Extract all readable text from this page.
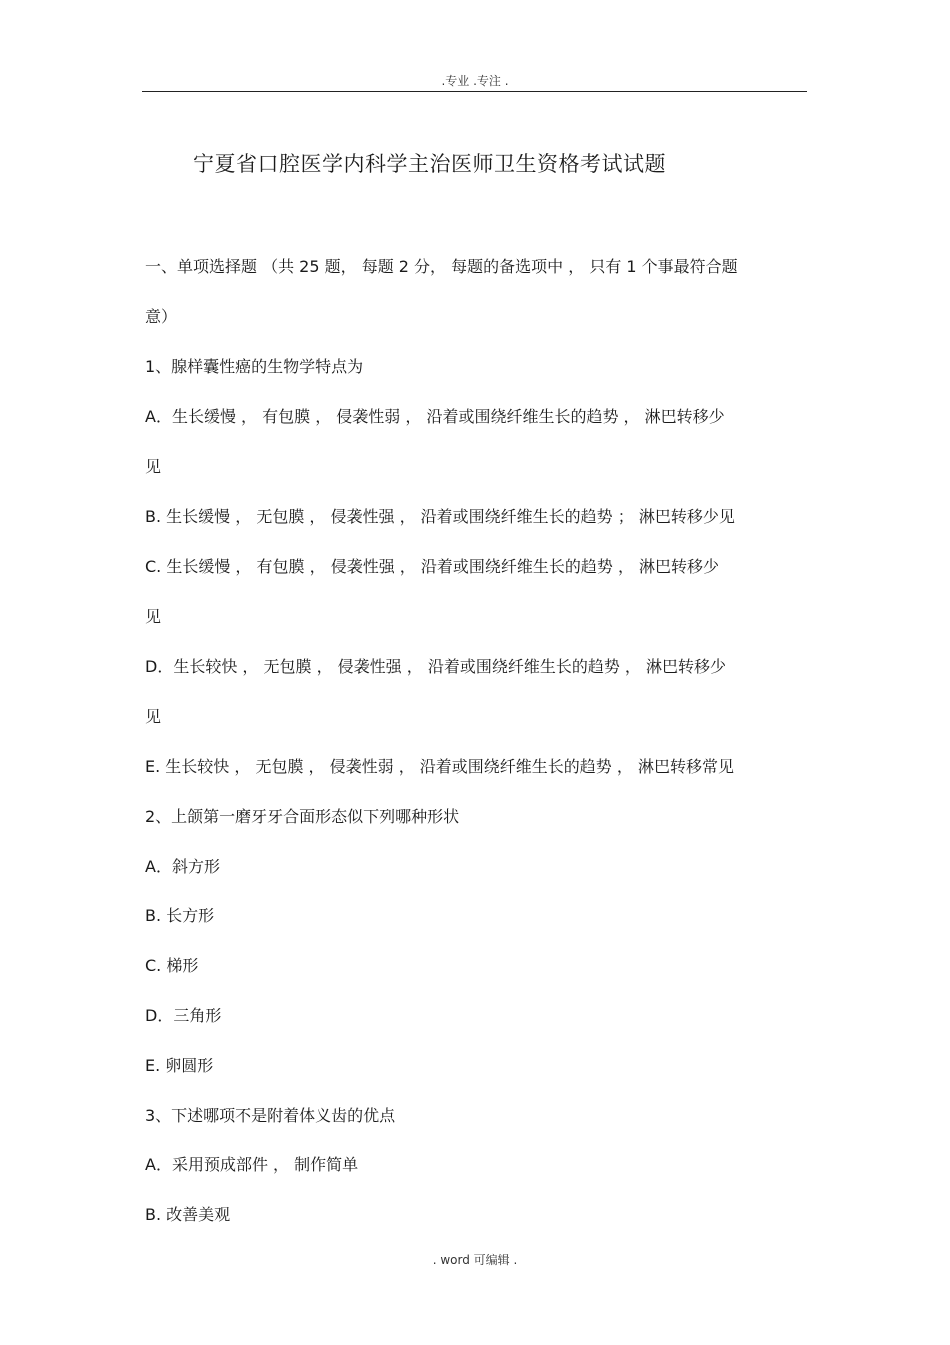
.专业 .专注 .
宁夏省口腔医学内科学主治医师卫生资格考试试题
一、单项选择题 （共 25 题， 每题 2 分， 每题的备选项中 ， 只有 1 个事最符合题
意）
1、腺样囊性癌的生物学特点为
A．生长缓慢 ， 有包膜 ， 侵袭性弱 ， 沿着或围绕纤维生长的趋势 ， 淋巴转移少
见
B. 生长缓慢 ， 无包膜 ， 侵袭性强 ， 沿着或围绕纤维生长的趋势 ； 淋巴转移少见
C. 生长缓慢 ， 有包膜 ， 侵袭性强 ， 沿着或围绕纤维生长的趋势 ， 淋巴转移少
见
D．生长较快 ， 无包膜 ， 侵袭性强 ， 沿着或围绕纤维生长的趋势 ， 淋巴转移少
见
E. 生长较快 ， 无包膜 ， 侵袭性弱 ， 沿着或围绕纤维生长的趋势 ， 淋巴转移常见
2、上颌第一磨牙牙合面形态似下列哪种形状
A．斜方形
B. 长方形
C. 梯形
D．三角形
E. 卵圆形
3、下述哪项不是附着体义齿的优点
A．采用预成部件 ， 制作简单
B. 改善美观
. word 可编辑 .
